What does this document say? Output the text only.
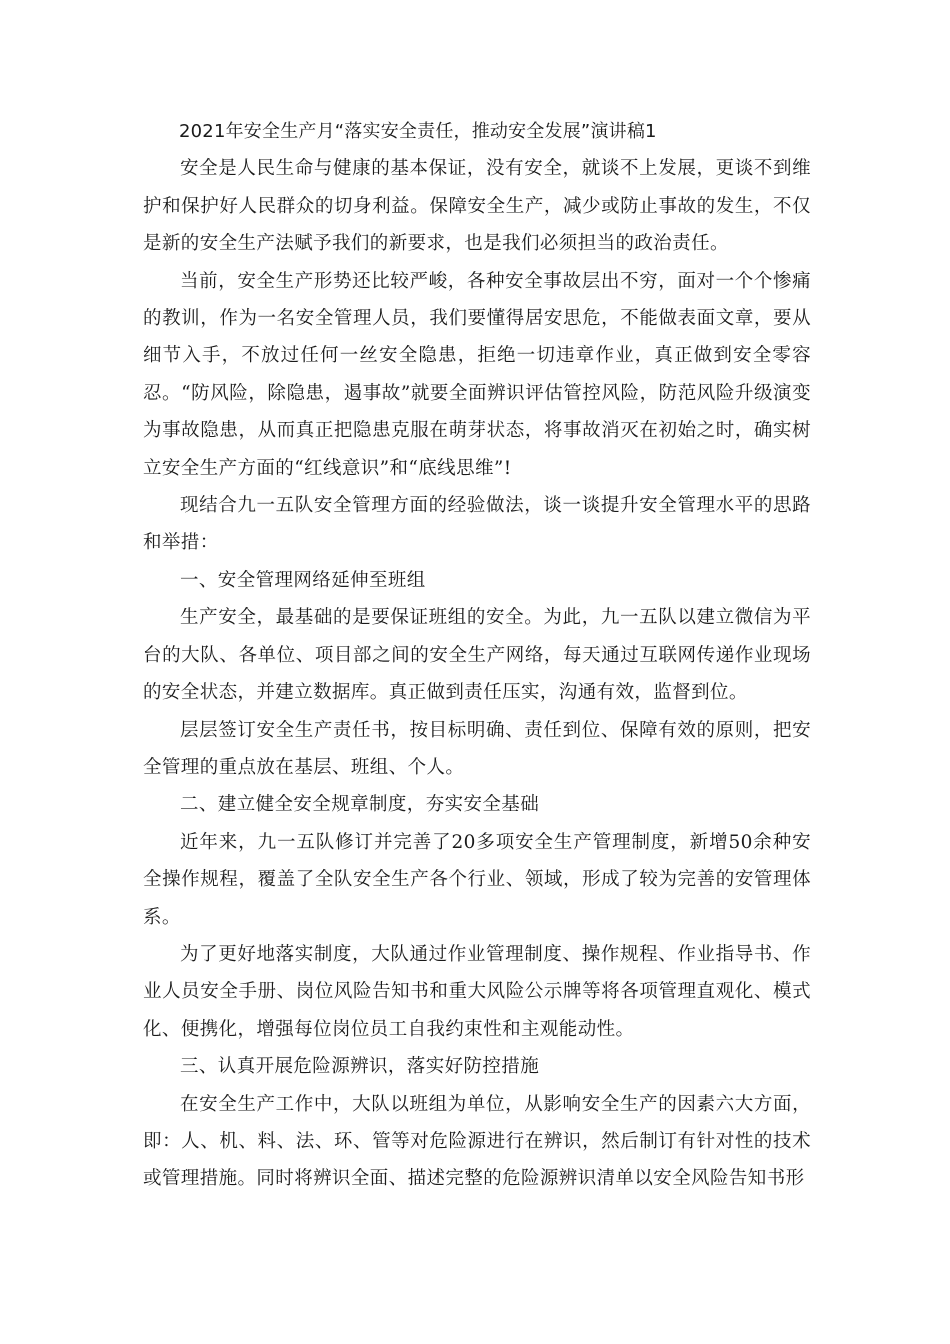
2021年安全生产月“落实安全责任，推动安全发展”演讲稿1

安全是人民生命与健康的基本保证，没有安全，就谈不上发展，更谈不到维护和保护好人民群众的切身利益。保障安全生产，减少或防止事故的发生，不仅是新的安全生产法赋予我们的新要求，也是我们必须担当的政治责任。

当前，安全生产形势还比较严峻，各种安全事故层出不穷，面对一个个惨痛的教训，作为一名安全管理人员，我们要懂得居安思危，不能做表面文章，要从细节入手，不放过任何一丝安全隐患，拒绝一切违章作业，真正做到安全零容忍。“防风险，除隐患，遏事故”就要全面辨识评估管控风险，防范风险升级演变为事故隐患，从而真正把隐患克服在萌芽状态，将事故消灭在初始之时，确实树立安全生产方面的“红线意识”和“底线思维”!

现结合九一五队安全管理方面的经验做法，谈一谈提升安全管理水平的思路和举措：

一、安全管理网络延伸至班组

生产安全，最基础的是要保证班组的安全。为此，九一五队以建立微信为平台的大队、各单位、项目部之间的安全生产网络，每天通过互联网传递作业现场的安全状态，并建立数据库。真正做到责任压实，沟通有效，监督到位。

层层签订安全生产责任书，按目标明确、责任到位、保障有效的原则，把安全管理的重点放在基层、班组、个人。

二、建立健全安全规章制度，夯实安全基础

近年来，九一五队修订并完善了20多项安全生产管理制度，新增50余种安全操作规程，覆盖了全队安全生产各个行业、领域，形成了较为完善的安管理体系。

为了更好地落实制度，大队通过作业管理制度、操作规程、作业指导书、作业人员安全手册、岗位风险告知书和重大风险公示牌等将各项管理直观化、模式化、便携化，增强每位岗位员工自我约束性和主观能动性。

三、认真开展危险源辨识，落实好防控措施

在安全生产工作中，大队以班组为单位，从影响安全生产的因素六大方面，即：人、机、料、法、环、管等对危险源进行在辨识，然后制订有针对性的技术或管理措施。同时将辨识全面、描述完整的危险源辨识清单以安全风险告知书形
